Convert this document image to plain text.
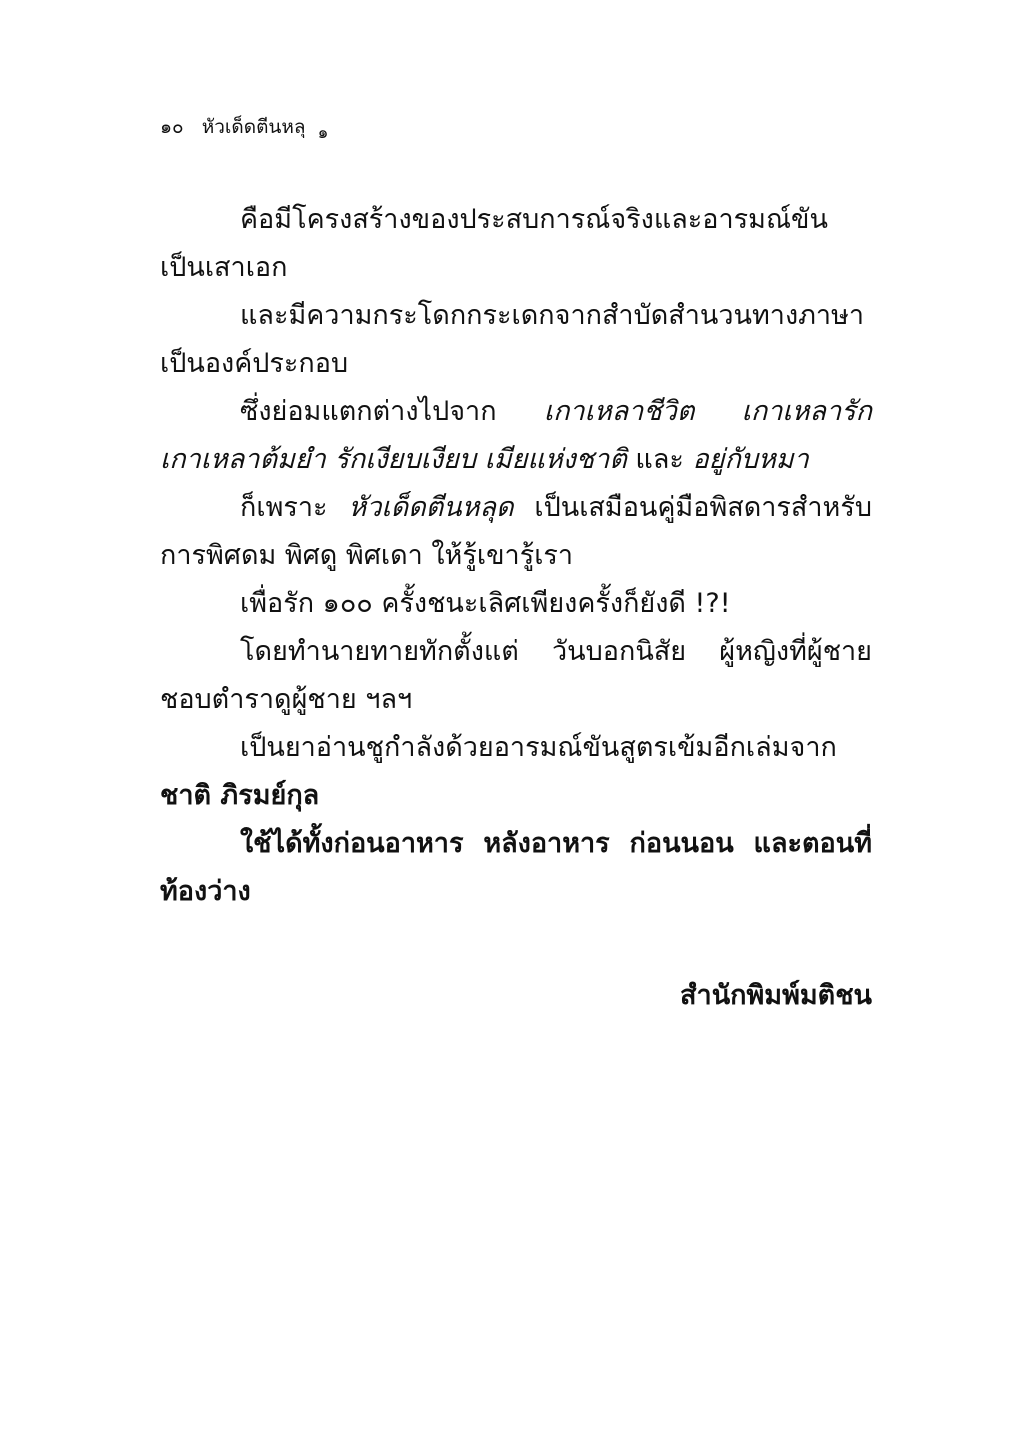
๑๐ หัวเด็ดตีนหลุ ๑

คือมีโครงสร้างของประสบการณ์จริงและอารมณ์ขันเป็นเสาเอก

และมีความกระโดกกระเดกจากสำบัดสำนวนทางภาษาเป็นองค์ประกอบ

ซึ่งย่อมแตกต่างไปจาก เกาเหลาชีวิต เกาเหลารัก เกาเหลาต้มยำ รักเงียบเงียบ เมียแห่งชาติ และ อยู่กับหมา

ก็เพราะ หัวเด็ดตีนหลุด เป็นเสมือนคู่มือพิสดารสำหรับการพิศดม พิศดู พิศเดา ให้รู้เขารู้เรา

เพื่อรัก ๑๐๐ ครั้งชนะเลิศเพียงครั้งก็ยังดี !?!

โดยทำนายทายทักตั้งแต่ วันบอกนิสัย ผู้หญิงที่ผู้ชายชอบตำราดูผู้ชาย ฯลฯ

เป็นยาอ่านชูกำลังด้วยอารมณ์ขันสูตรเข้มอีกเล่มจากชาติ ภิรมย์กุล

ใช้ได้ทั้งก่อนอาหาร หลังอาหาร ก่อนนอน และตอนที่ท้องว่าง

สำนักพิมพ์มติชน
